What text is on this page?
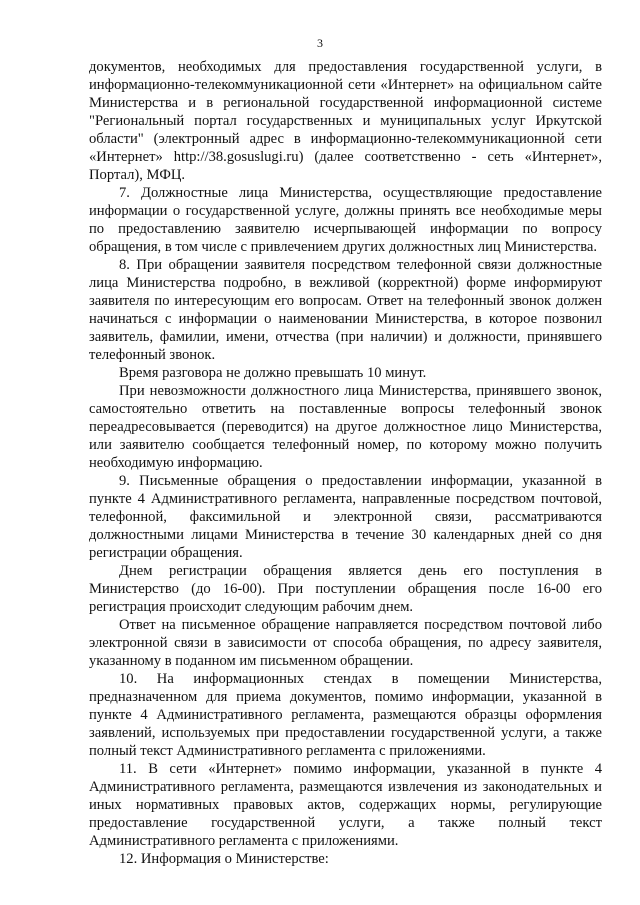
3

документов, необходимых для предоставления государственной услуги, в информационно-телекоммуникационной сети «Интернет» на официальном сайте Министерства и в региональной государственной информационной системе "Региональный портал государственных и муниципальных услуг Иркутской области" (электронный адрес в информационно-телекоммуникационной сети «Интернет» http://38.gosuslugi.ru) (далее соответственно - сеть «Интернет», Портал), МФЦ.

7. Должностные лица Министерства, осуществляющие предоставление информации о государственной услуге, должны принять все необходимые меры по предоставлению заявителю исчерпывающей информации по вопросу обращения, в том числе с привлечением других должностных лиц Министерства.

8. При обращении заявителя посредством телефонной связи должностные лица Министерства подробно, в вежливой (корректной) форме информируют заявителя по интересующим его вопросам. Ответ на телефонный звонок должен начинаться с информации о наименовании Министерства, в которое позвонил заявитель, фамилии, имени, отчества (при наличии) и должности, принявшего телефонный звонок.

Время разговора не должно превышать 10 минут.

При невозможности должностного лица Министерства, принявшего звонок, самостоятельно ответить на поставленные вопросы телефонный звонок переадресовывается (переводится) на другое должностное лицо Министерства, или заявителю сообщается телефонный номер, по которому можно получить необходимую информацию.

9. Письменные обращения о предоставлении информации, указанной в пункте 4 Административного регламента, направленные посредством почтовой, телефонной, факсимильной и электронной связи, рассматриваются должностными лицами Министерства в течение 30 календарных дней со дня регистрации обращения.

Днем регистрации обращения является день его поступления в Министерство (до 16-00). При поступлении обращения после 16-00 его регистрация происходит следующим рабочим днем.

Ответ на письменное обращение направляется посредством почтовой либо электронной связи в зависимости от способа обращения, по адресу заявителя, указанному в поданном им письменном обращении.

10. На информационных стендах в помещении Министерства, предназначенном для приема документов, помимо информации, указанной в пункте 4 Административного регламента, размещаются образцы оформления заявлений, используемых при предоставлении государственной услуги, а также полный текст Административного регламента с приложениями.

11. В сети «Интернет» помимо информации, указанной в пункте 4 Административного регламента, размещаются извлечения из законодательных и иных нормативных правовых актов, содержащих нормы, регулирующие предоставление государственной услуги, а также полный текст Административного регламента с приложениями.

12. Информация о Министерстве:
